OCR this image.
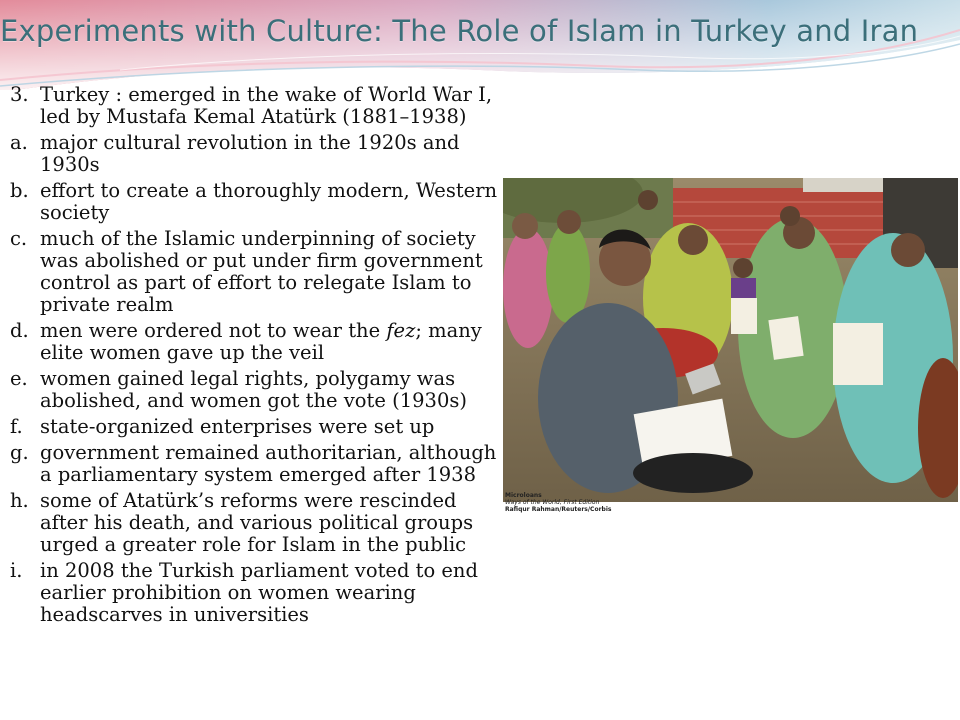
Experiments with Culture: The Role of Islam in Turkey and Iran
3. Turkey : emerged in the wake of World War I, led by Mustafa Kemal Atatürk (1881–1938)
a. major cultural revolution in the 1920s and 1930s
b. effort to create a thoroughly modern, Western society
c. much of the Islamic underpinning of society was abolished or put under firm government control as part of effort to relegate Islam to private realm
d. men were ordered not to wear the fez; many elite women gave up the veil
e. women gained legal rights, polygamy was abolished, and women got the vote (1930s)
f. state-organized enterprises were set up
g. government remained authoritarian, although a parliamentary system emerged after 1938
h. some of Atatürk’s reforms were rescinded after his death, and various political groups urged a greater role for Islam in the public
i. in 2008 the Turkish parliament voted to end earlier prohibition on women wearing headscarves in universities
Microloans
Ways of the World, First Edition
Rafiqur Rahman/Reuters/Corbis
